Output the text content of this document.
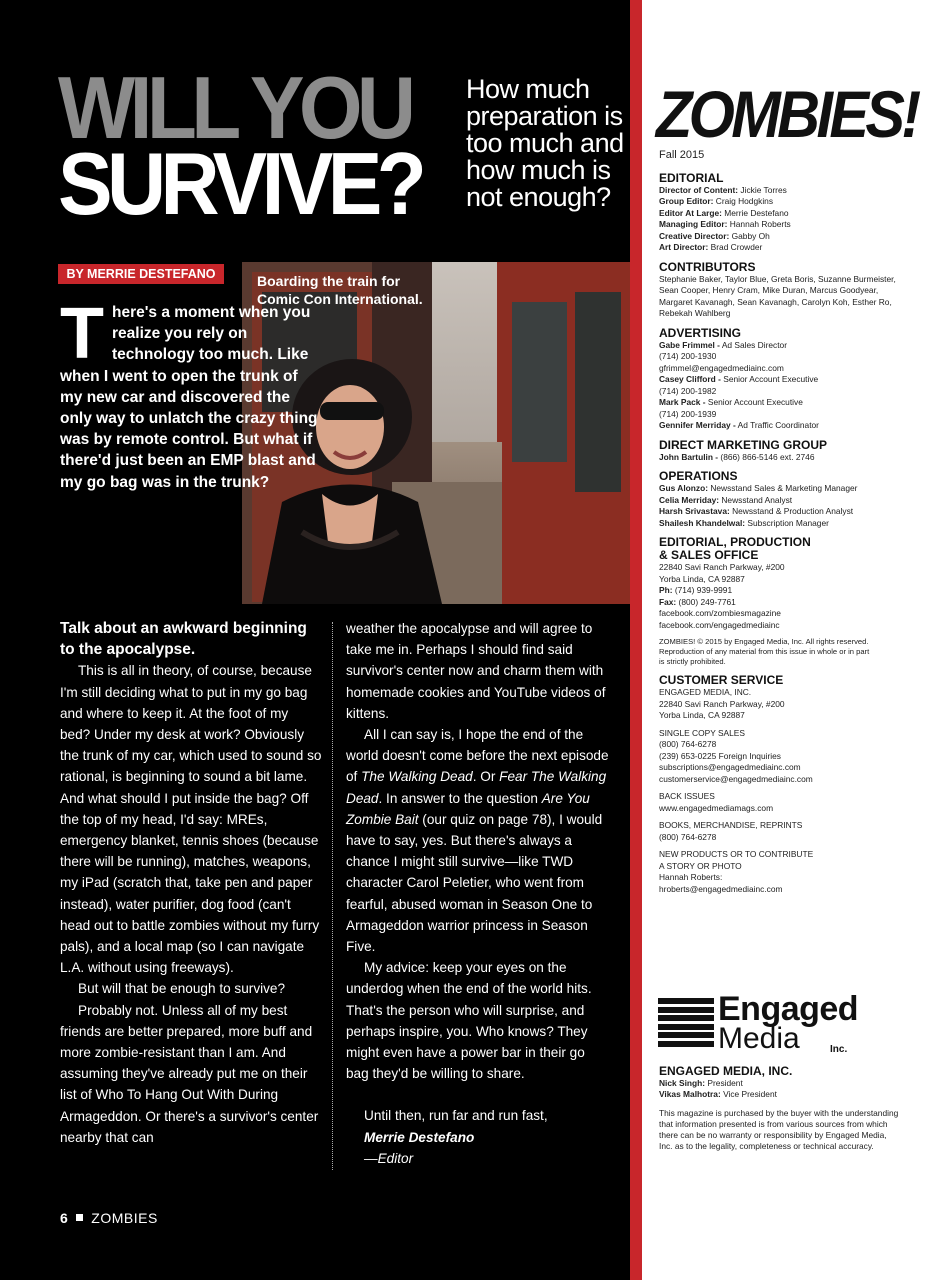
WILL YOU
SURVIVE?
How much preparation is too much and how much is not enough?
BY MERRIE DESTEFANO	Boarding the train for Comic Con International.
There's a moment when you realize you rely on technology too much. Like when I went to open the trunk of my new car and discovered the only way to unlatch the crazy thing was by remote control. But what if there'd just been an EMP blast and my go bag was in the trunk?

Talk about an awkward beginning to the apocalypse.

This is all in theory, of course, because I'm still deciding what to put in my go bag and where to keep it. At the foot of my bed? Under my desk at work? Obviously the trunk of my car, which used to sound so rational, is beginning to sound a bit lame. And what should I put inside the bag? Off the top of my head, I'd say: MREs, emergency blanket, tennis shoes (because there will be running), matches, weapons, my iPad (scratch that, take pen and paper instead), water purifier, dog food (can't head out to battle zombies without my furry pals), and a local map (so I can navigate L.A. without using freeways).

But will that be enough to survive?

Probably not. Unless all of my best friends are better prepared, more buff and more zombie-resistant than I am. And assuming they've already put me on their list of Who To Hang Out With During Armageddon. Or there's a survivor's center nearby that can

weather the apocalypse and will agree to take me in. Perhaps I should find said survivor's center now and charm them with homemade cookies and YouTube videos of kittens.

All I can say is, I hope the end of the world doesn't come before the next episode of The Walking Dead. Or Fear The Walking Dead. In answer to the question Are You Zombie Bait (our quiz on page 78), I would have to say, yes. But there's always a chance I might still survive—like TWD character Carol Peletier, who went from fearful, abused woman in Season One to Armageddon warrior princess in Season Five.

My advice: keep your eyes on the underdog when the end of the world hits. That's the person who will surprise, and perhaps inspire, you. Who knows? They might even have a power bar in their go bag they'd be willing to share.

Until then, run far and run fast,

Merrie Destefano

—Editor

6 ZOMBIES
ZOMBIES!
Fall 2015
EDITORIAL
Director of Content: Jickie Torres
Group Editor: Craig Hodgkins
Editor At Large: Merrie Destefano
Managing Editor: Hannah Roberts
Creative Director: Gabby Oh
Art Director: Brad Crowder
CONTRIBUTORS
Stephanie Baker, Taylor Blue, Greta Boris, Suzanne Burmeister, Sean Cooper, Henry Cram, Mike Duran, Marcus Goodyear, Margaret Kavanagh, Sean Kavanagh, Carolyn Koh, Esther Ro, Rebekah Wahlberg
ADVERTISING
Gabe Frimmel - Ad Sales Director
(714) 200-1930
gfrimmel@engagedmediainc.com
Casey Clifford - Senior Account Executive
(714) 200-1982
Mark Pack - Senior Account Executive
(714) 200-1939
Gennifer Merriday - Ad Traffic Coordinator
DIRECT MARKETING GROUP
John Bartulin - (866) 866-5146 ext. 2746
OPERATIONS
Gus Alonzo: Newsstand Sales & Marketing Manager
Celia Merriday: Newsstand Analyst
Harsh Srivastava: Newsstand & Production Analyst
Shailesh Khandelwal: Subscription Manager
EDITORIAL, PRODUCTION
& SALES OFFICE
22840 Savi Ranch Parkway, #200
Yorba Linda, CA 92887
Ph: (714) 939-9991
Fax: (800) 249-7761
facebook.com/zombiesmagazine
facebook.com/engagedmediainc
ZOMBIES! © 2015 by Engaged Media, Inc. All rights reserved.
Reproduction of any material from this issue in whole or in part
is strictly prohibited.
CUSTOMER SERVICE
ENGAGED MEDIA, INC.
22840 Savi Ranch Parkway, #200
Yorba Linda, CA 92887
SINGLE COPY SALES
(800) 764-6278
(239) 653-0225 Foreign Inquiries
subscriptions@engagedmediainc.com
customerservice@engagedmediainc.com
BACK ISSUES
www.engagedmediamags.com
BOOKS, MERCHANDISE, REPRINTS
(800) 764-6278
NEW PRODUCTS OR TO CONTRIBUTE
A STORY OR PHOTO
Hannah Roberts:
hroberts@engagedmediainc.com
Engaged
Media	Inc.
ENGAGED MEDIA, INC.
Nick Singh: President
Vikas Malhotra: Vice President
This magazine is purchased by the buyer with the understanding that information presented is from various sources from which there can be no warranty or responsibility by Engaged Media, Inc. as to the legality, completeness or technical accuracy.
